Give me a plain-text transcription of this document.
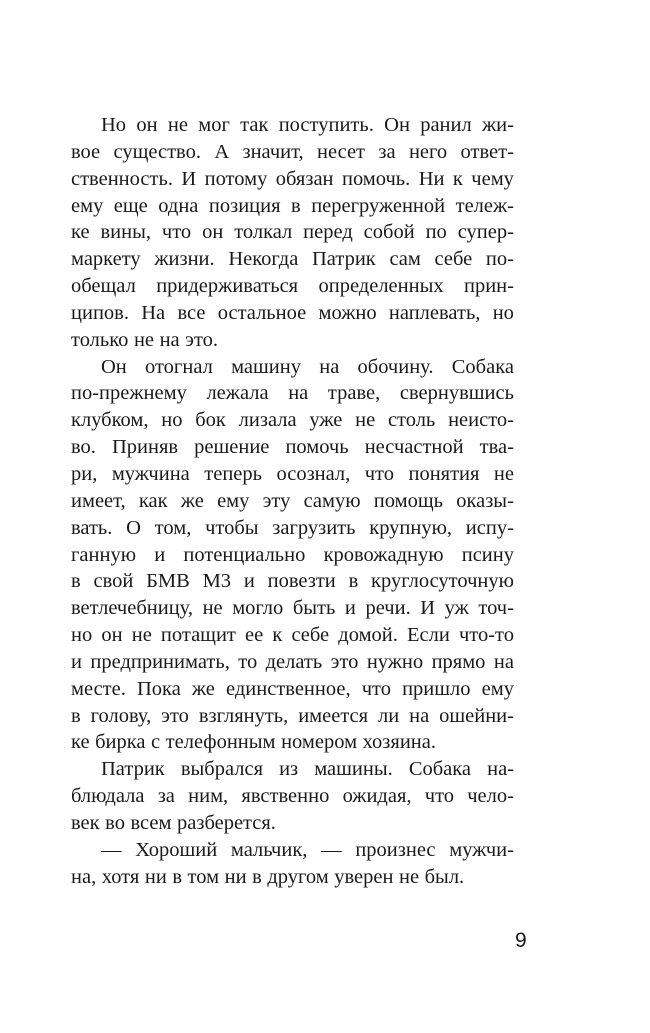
Но он не мог так поступить. Он ранил жи-
вое существо. А значит, несет за него ответ-
ственность. И потому обязан помочь. Ни к чему
ему еще одна позиция в перегруженной тележ-
ке вины, что он толкал перед собой по супер-
маркету жизни. Некогда Патрик сам себе по-
обещал придерживаться определенных прин-
ципов. На все остальное можно наплевать, но
только не на это.
Он отогнал машину на обочину. Собака
по-прежнему лежала на траве, свернувшись
клубком, но бок лизала уже не столь неисто-
во. Приняв решение помочь несчастной тва-
ри, мужчина теперь осознал, что понятия не
имеет, как же ему эту самую помощь оказы-
вать. О том, чтобы загрузить крупную, испу-
ганную и потенциально кровожадную псину
в свой БМВ М3 и повезти в круглосуточную
ветлечебницу, не могло быть и речи. И уж точ-
но он не потащит ее к себе домой. Если что-то
и предпринимать, то делать это нужно прямо на
месте. Пока же единственное, что пришло ему
в голову, это взглянуть, имеется ли на ошейни-
ке бирка с телефонным номером хозяина.
Патрик выбрался из машины. Собака на-
блюдала за ним, явственно ожидая, что чело-
век во всем разберется.
— Хороший мальчик, — произнес мужчи-
на, хотя ни в том ни в другом уверен не был.
9
